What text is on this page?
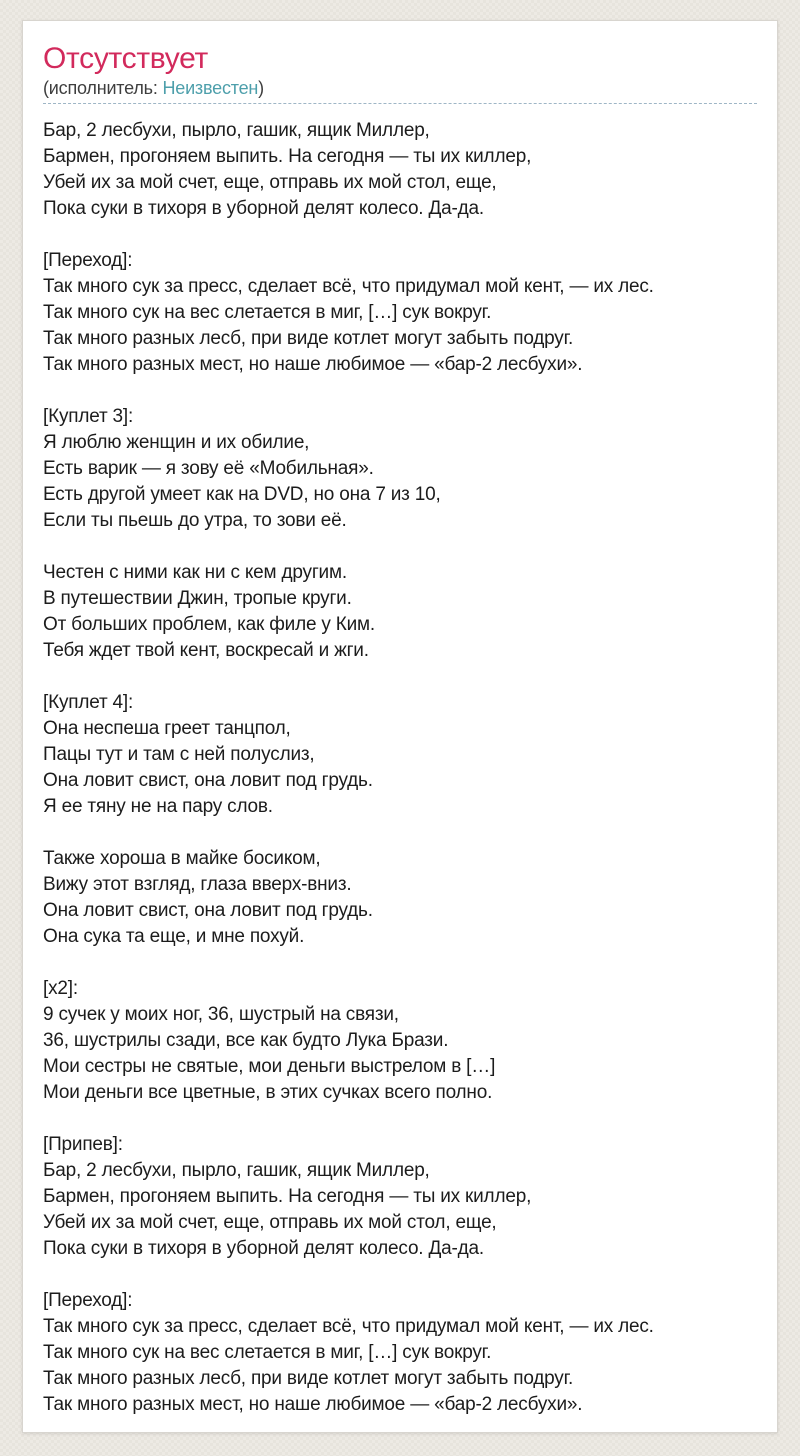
Отсутствует
(исполнитель: Неизвестен)

Бар, 2 лесбухи, пырло, гашик, ящик Миллер,
Бармен, прогоняем выпить. На сегодня — ты их киллер,
Убей их за мой счет, еще, отправь их мой стол, еще,
Пока суки в тихоря в уборной делят колесо. Да-да.

[Переход]:
Так много сук за пресс, сделает всё, что придумал мой кент, — их лес.
Так много сук на вес слетается в миг, […] сук вокруг.
Так много разных лесб, при виде котлет могут забыть подруг.
Так много разных мест, но наше любимое — «бар-2 лесбухи».

[Куплет 3]:
Я люблю женщин и их обилие,
Есть варик — я зову её «Мобильная».
Есть другой умеет как на DVD, но она 7 из 10,
Если ты пьешь до утра, то зови её.

Честен с ними как ни с кем другим.
В путешествии Джин, тропые круги.
От больших проблем, как филе у Ким.
Тебя ждет твой кент, воскресай и жги.

[Куплет 4]:
Она неспеша греет танцпол,
Пацы тут и там с ней полуслиз,
Она ловит свист, она ловит под грудь.
Я ее тяну не на пару слов.

Также хороша в майке босиком,
Вижу этот взгляд, глаза вверх-вниз.
Она ловит свист, она ловит под грудь.
Она сука та еще, и мне похуй.

[x2]:
9 сучек у моих ног, 36, шустрый на связи,
36, шустрилы сзади, все как будто Лука Брази.
Мои сестры не святые, мои деньги выстрелом в […]
Мои деньги все цветные, в этих сучках всего полно.

[Припев]:
Бар, 2 лесбухи, пырло, гашик, ящик Миллер,
Бармен, прогоняем выпить. На сегодня — ты их киллер,
Убей их за мой счет, еще, отправь их мой стол, еще,
Пока суки в тихоря в уборной делят колесо. Да-да.

[Переход]:
Так много сук за пресс, сделает всё, что придумал мой кент, — их лес.
Так много сук на вес слетается в миг, […] сук вокруг.
Так много разных лесб, при виде котлет могут забыть подруг.
Так много разных мест, но наше любимое — «бар-2 лесбухи».
